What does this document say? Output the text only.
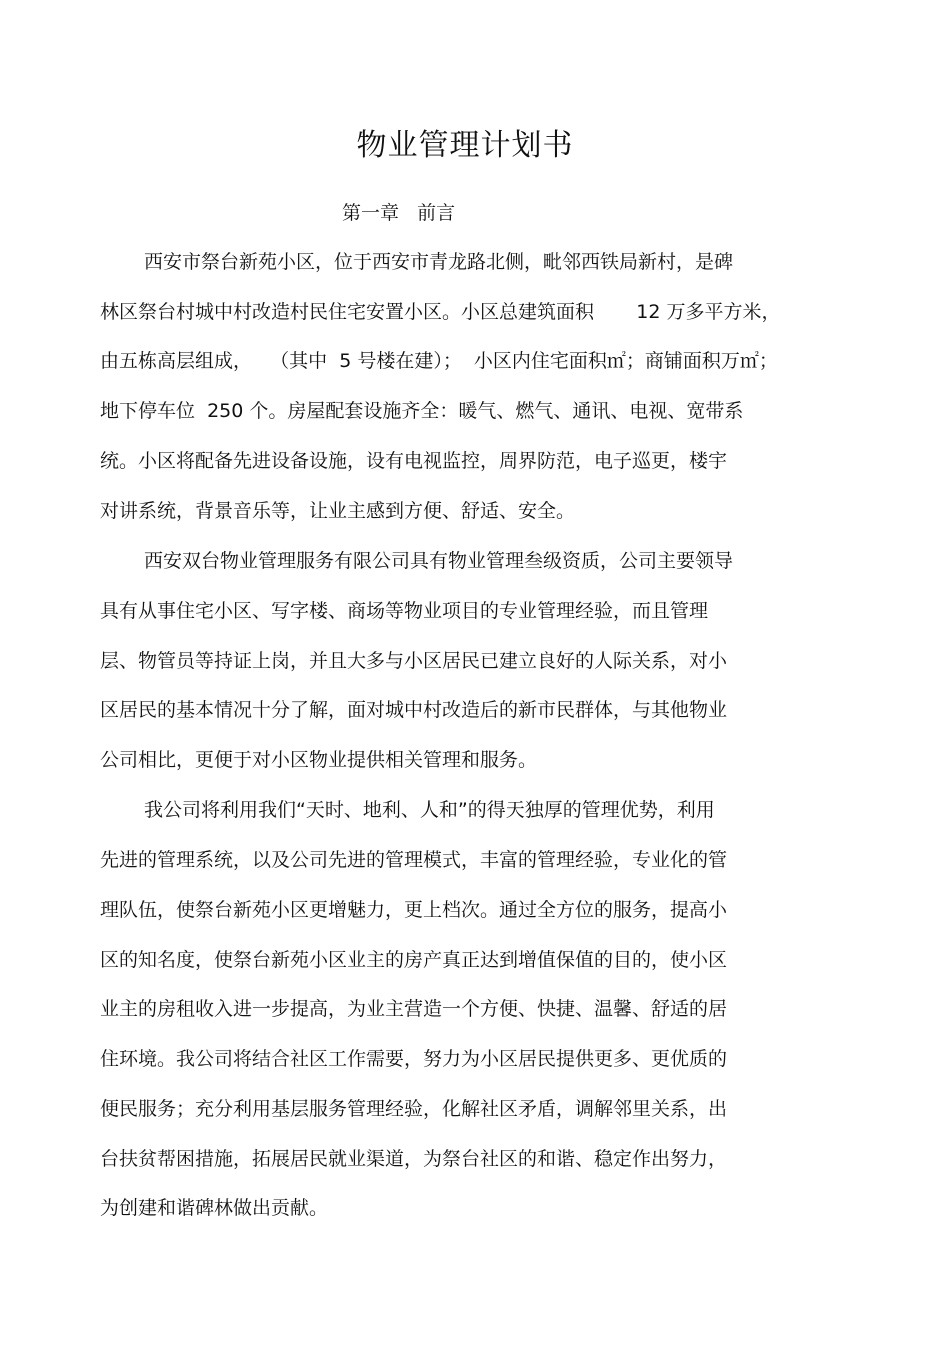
物业管理计划书
第一章   前言
西安市祭台新苑小区，位于西安市青龙路北侧，毗邻西铁局新村，是碑
林区祭台村城中村改造村民住宅安置小区。小区总建筑面积       12 万多平方米，
由五栋高层组成，   （其中  5 号楼在建）；  小区内住宅面积㎡；商铺面积万㎡；
地下停车位  250 个。房屋配套设施齐全：暖气、燃气、通讯、电视、宽带系
统。小区将配备先进设备设施，设有电视监控，周界防范，电子巡更，楼宇
对讲系统，背景音乐等，让业主感到方便、舒适、安全。
西安双台物业管理服务有限公司具有物业管理叁级资质，公司主要领导
具有从事住宅小区、写字楼、商场等物业项目的专业管理经验，而且管理
层、物管员等持证上岗，并且大多与小区居民已建立良好的人际关系，对小
区居民的基本情况十分了解，面对城中村改造后的新市民群体，与其他物业
公司相比，更便于对小区物业提供相关管理和服务。
我公司将利用我们“天时、地利、人和”的得天独厚的管理优势，利用
先进的管理系统，以及公司先进的管理模式，丰富的管理经验，专业化的管
理队伍，使祭台新苑小区更增魅力，更上档次。通过全方位的服务，提高小
区的知名度，使祭台新苑小区业主的房产真正达到增值保值的目的，使小区
业主的房租收入进一步提高，为业主营造一个方便、快捷、温馨、舒适的居
住环境。我公司将结合社区工作需要，努力为小区居民提供更多、更优质的
便民服务；充分利用基层服务管理经验，化解社区矛盾，调解邻里关系，出
台扶贫帮困措施，拓展居民就业渠道，为祭台社区的和谐、稳定作出努力，
为创建和谐碑林做出贡献。
